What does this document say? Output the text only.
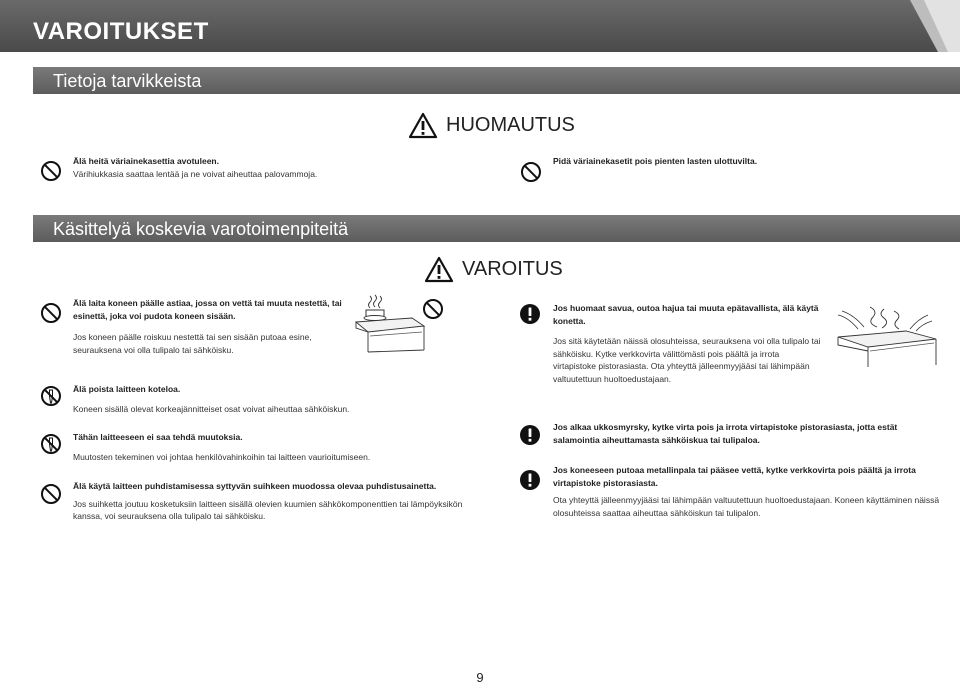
VAROITUKSET
Tietoja tarvikkeista
HUOMAUTUS

Älä heitä väriainekasettia avotuleen.

Värihiukkasia saattaa lentää ja ne voivat aiheuttaa palovammoja.

Pidä väriainekasetit pois pienten lasten ulottuvilta.

Käsittelyä koskevia varotoimenpiteitä
VAROITUS

Älä laita koneen päälle astiaa, jossa on vettä tai muuta nestettä, tai esinettä, joka voi pudota koneen sisään.

Jos koneen päälle roiskuu nestettä tai sen sisään putoaa esine, seurauksena voi olla tulipalo tai sähköisku.

Älä poista laitteen koteloa.

Koneen sisällä olevat korkeajännitteiset osat voivat aiheuttaa sähköiskun.

Tähän laitteeseen ei saa tehdä muutoksia.

Muutosten tekeminen voi johtaa henkilövahinkoihin tai laitteen vaurioitumiseen.

Älä käytä laitteen puhdistamisessa syttyvän suihkeen muodossa olevaa puhdistusainetta.

Jos suihketta joutuu kosketuksiin laitteen sisällä olevien kuumien sähkökomponenttien tai lämpöyksikön kanssa, voi seurauksena olla tulipalo tai sähköisku.

Jos huomaat savua, outoa hajua tai muuta epätavallista, älä käytä konetta.

Jos sitä käytetään näissä olosuhteissa, seurauksena voi olla tulipalo tai sähköisku. Kytke verkkovirta välittömästi pois päältä ja irrota virtapistoke pistorasiasta. Ota yhteyttä jälleenmyyjääsi tai lähimpään valtuutettuun huoltoedustajaan.

Jos alkaa ukkosmyrsky, kytke virta pois ja irrota virtapistoke pistorasiasta, jotta estät salamointia aiheuttamasta sähköiskua tai tulipaloa.

Jos koneeseen putoaa metallinpala tai pääsee vettä, kytke verkkovirta pois päältä ja irrota virtapistoke pistorasiasta.

Ota yhteyttä jälleenmyyjääsi tai lähimpään valtuutettuun huoltoedustajaan. Koneen käyttäminen näissä olosuhteissa saattaa aiheuttaa sähköiskun tai tulipalon.

9
